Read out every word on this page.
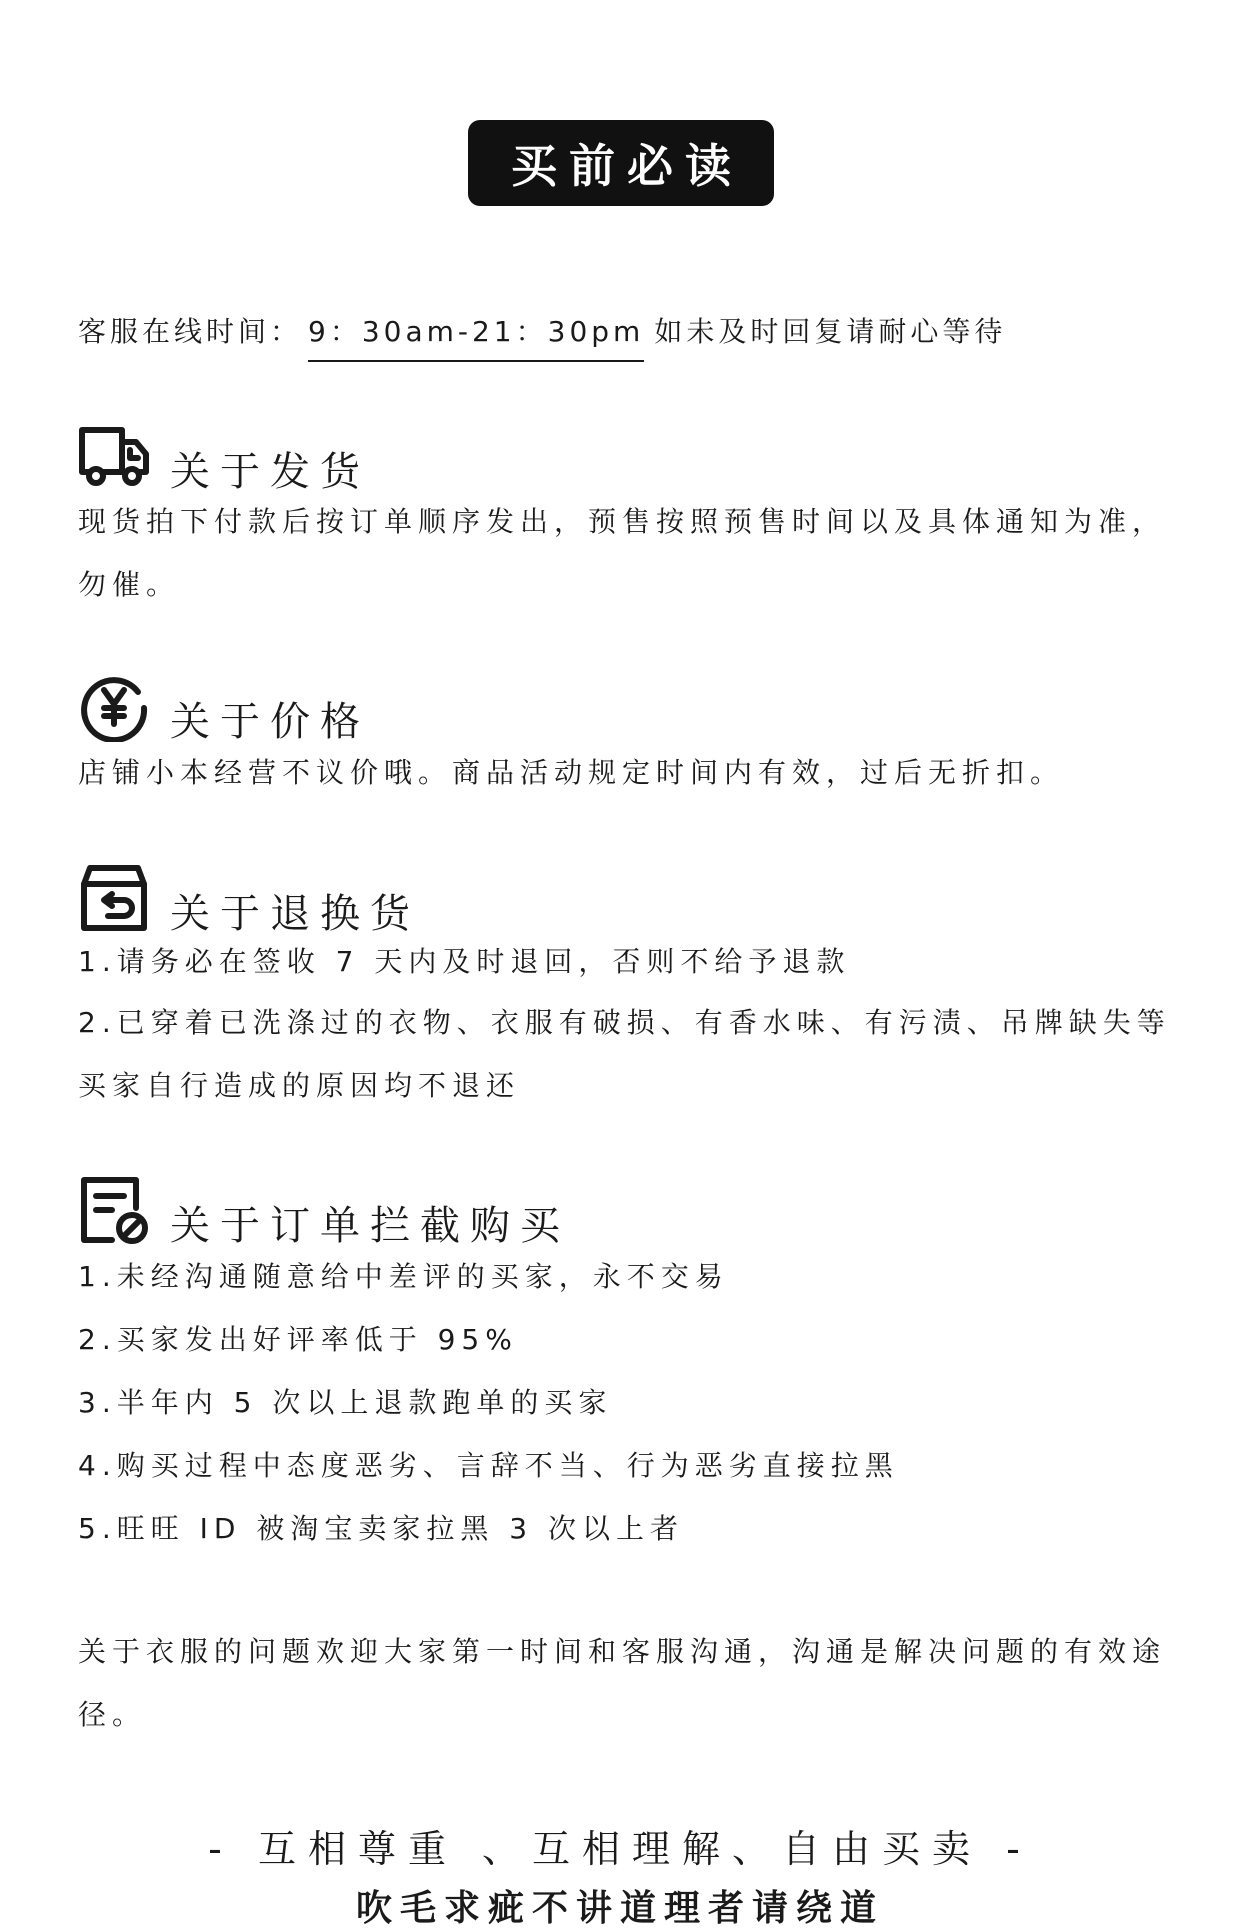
买前必读
客服在线时间： 9：30am-21：30pm 如未及时回复请耐心等待
关于发货

现货拍下付款后按订单顺序发出，预售按照预售时间以及具体通知为准，勿催。

关于价格

店铺小本经营不议价哦。商品活动规定时间内有效，过后无折扣。

关于退换货
1.请务必在签收 7 天内及时退回，否则不给予退款

2.已穿着已洗涤过的衣物、衣服有破损、有香水味、有污渍、吊牌缺失等买家自行造成的原因均不退还

关于订单拦截购买
1.未经沟通随意给中差评的买家，永不交易
2.买家发出好评率低于 95%
3.半年内 5 次以上退款跑单的买家
4.购买过程中态度恶劣、言辞不当、行为恶劣直接拉黑
5.旺旺 ID 被淘宝卖家拉黑 3 次以上者

关于衣服的问题欢迎大家第一时间和客服沟通，沟通是解决问题的有效途径。

- 互相尊重 、互相理解、自由买卖 -
吹毛求疵不讲道理者请绕道
